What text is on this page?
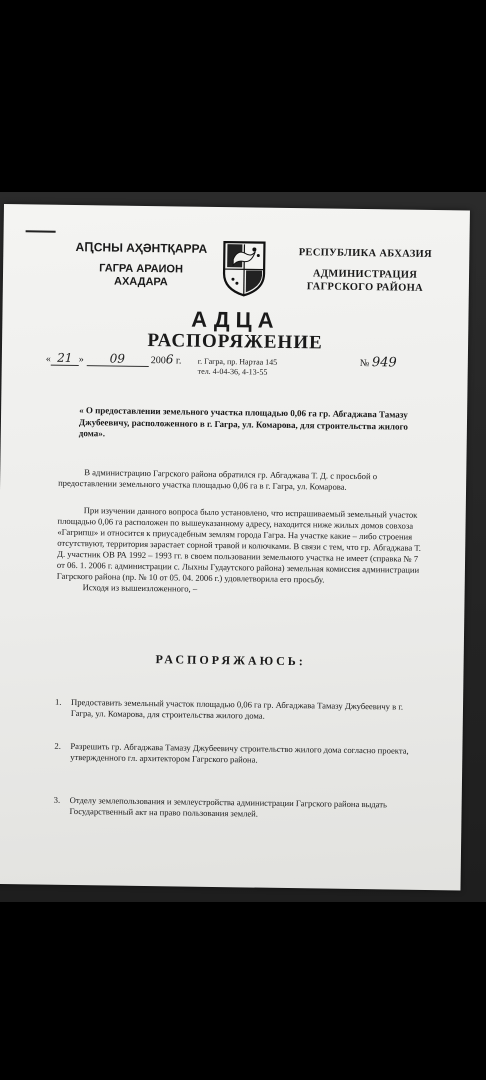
АԤСНЫ АҲӘНТҚАРРА
ГАГРА АРАИОН
АХАДАРА
РЕСПУБЛИКА АБХАЗИЯ
АДМИНИСТРАЦИЯ
ГАГРСКОГО РАЙОНА
АДЦА
РАСПОРЯЖЕНИЕ
« 21 » 09	2006 г. г. Гагра, пр. Нартаа 145
тел. 4-04-36, 4-13-55
№ 949
« О предоставлении земельного участка площадью 0,06 га гр. Абгаджава Тамазу Джубеевичу, расположенного в г. Гагра, ул. Комарова, для строительства жилого дома».
В администрацию Гагрского района обратился гр. Абгаджава Т. Д. с просьбой о предоставлении земельного участка площадью 0,06 га в г. Гагра, ул. Комарова.
При изучении данного вопроса было установлено, что испрашиваемый земельный участок площадью 0,06 га расположен по вышеуказанному адресу, находится ниже жилых домов совхоза «Гагрипш» и относится к приусадебным землям города Гагра. На участке какие – либо строения отсутствуют, территория зарастает сорной травой и колючками. В связи с тем, что гр. Абгаджава Т. Д. участник ОВ РА 1992 – 1993 гг. в своем пользовании земельного участка не имеет (справка № 7 от 06. 1. 2006 г. администрации с. Лыхны Гудаутского района) земельная комиссия администрации Гагрского района (пр. № 10 от 05. 04. 2006 г.) удовлетворила его просьбу.
Исходя из вышеизложенного, –
РАСПОРЯЖАЮСЬ:
1. Предоставить земельный участок площадью 0,06 га гр. Абгаджава Тамазу Джубеевичу в г. Гагра, ул. Комарова, для строительства жилого дома.
2. Разрешить гр. Абгаджава Тамазу Джубеевичу строительство жилого дома согласно проекта, утвержденного гл. архитектором Гагрского района.
3. Отделу землепользования и землеустройства администрации Гагрского района выдать Государственный акт на право пользования землей.
